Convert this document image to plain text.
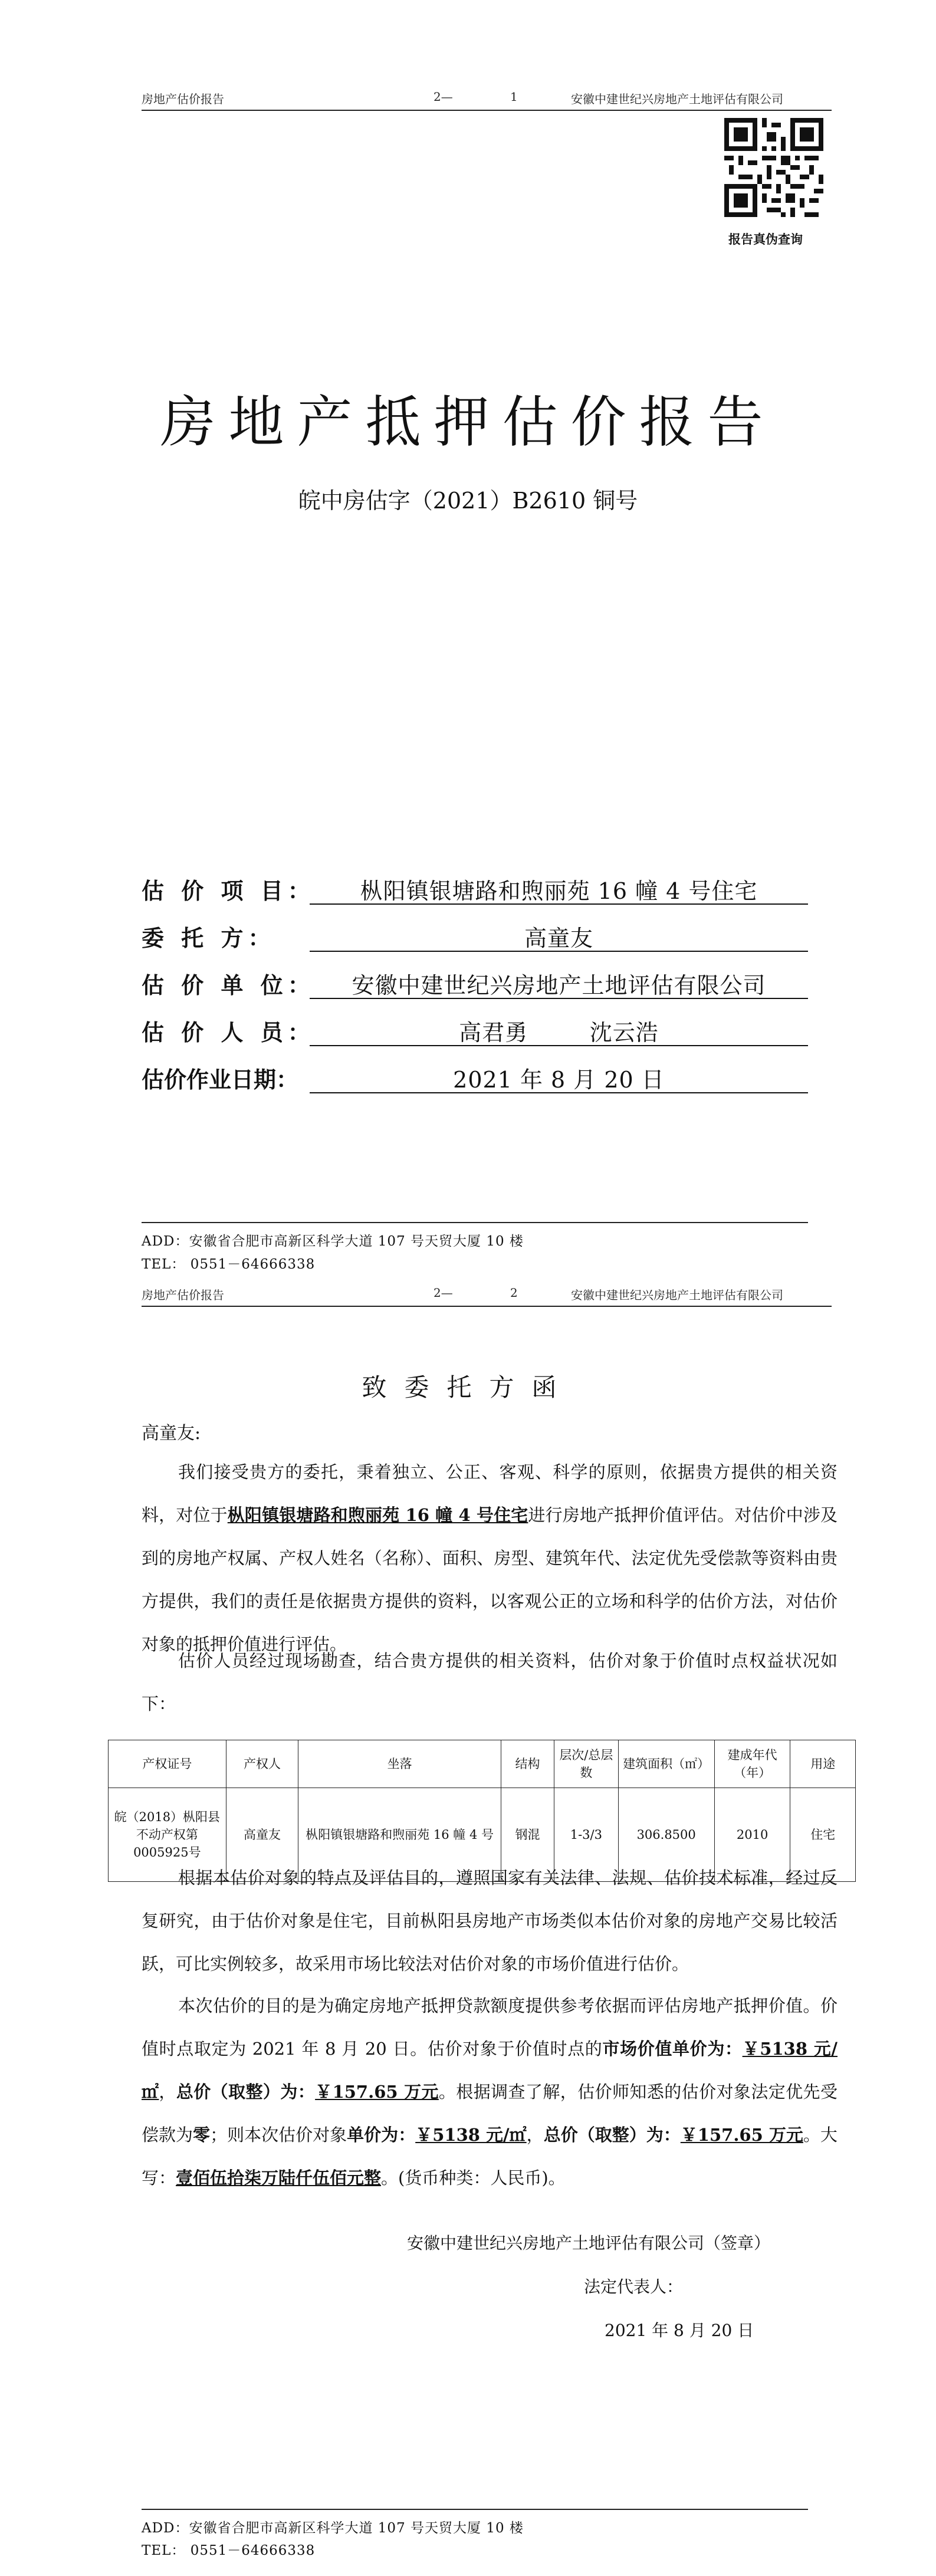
房地产估价报告	2—	1	安徽中建世纪兴房地产土地评估有限公司
报告真伪查询
房地产抵押估价报告
皖中房估字（2021）B2610 铜号
估 价 项 目：	枞阳镇银塘路和煦丽苑 16 幢 4 号住宅
委 托 方：	高童友
估 价 单 位：	安徽中建世纪兴房地产土地评估有限公司
估 价 人 员：	高君勇        沈云浩
估价作业日期：	2021 年 8 月 20 日
ADD：安徽省合肥市高新区科学大道 107 号天贸大厦 10 楼
TEL： 0551－64666338
房地产估价报告	2—	2	安徽中建世纪兴房地产土地评估有限公司
致委托方函
高童友:
我们接受贵方的委托，秉着独立、公正、客观、科学的原则，依据贵方提供的相关资料，对位于枞阳镇银塘路和煦丽苑 16 幢 4 号住宅进行房地产抵押价值评估。对估价中涉及到的房地产权属、产权人姓名（名称）、面积、房型、建筑年代、法定优先受偿款等资料由贵方提供，我们的责任是依据贵方提供的资料，以客观公正的立场和科学的估价方法，对估价对象的抵押价值进行评估。
估价人员经过现场勘查，结合贵方提供的相关资料，估价对象于价值时点权益状况如下：
产权证号	产权人	坐落	结构	层次/总层数	建筑面积（㎡）	建成年代（年）	用途
皖（2018）枞阳县不动产权第0005925号	高童友	枞阳镇银塘路和煦丽苑 16 幢 4 号	钢混	1-3/3	306.8500	2010	住宅
根据本估价对象的特点及评估目的，遵照国家有关法律、法规、估价技术标准，经过反复研究，由于估价对象是住宅，目前枞阳县房地产市场类似本估价对象的房地产交易比较活跃，可比实例较多，故采用市场比较法对估价对象的市场价值进行估价。
本次估价的目的是为确定房地产抵押贷款额度提供参考依据而评估房地产抵押价值。价值时点取定为 2021 年 8 月 20 日。估价对象于价值时点的市场价值单价为：￥5138 元/㎡，总价（取整）为：￥157.65 万元。根据调查了解，估价师知悉的估价对象法定优先受偿款为零；则本次估价对象单价为：￥5138 元/㎡，总价（取整）为：￥157.65 万元。大写：壹佰伍拾柒万陆仟伍佰元整。(货币种类：人民币)。
安徽中建世纪兴房地产土地评估有限公司（签章）
法定代表人：
2021 年 8 月 20 日
ADD：安徽省合肥市高新区科学大道 107 号天贸大厦 10 楼
TEL： 0551－64666338
